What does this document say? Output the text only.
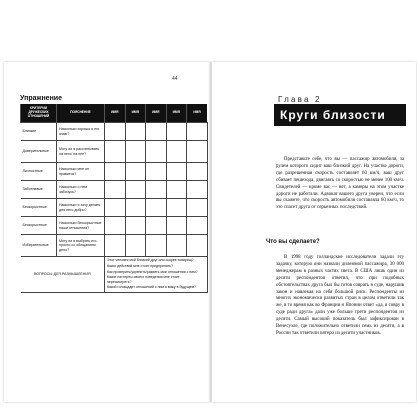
44
Упражнение
КРИТЕРИИ ДРУЖЕСКИХ ОТНОШЕНИЙ	ПОЯСНЕНИЕ	ИМЯ	ИМЯ	ИМЯ	ИМЯ	ИМЯ
Близкие	Насколько хорошо я его знаю?					
Доверительные	Могу ли я рассчитывать на него/ на нее?					
Личностные	Насколько мне он нравится?					
Заботливые	Насколько о нем забочусь?					
Бескорыстные	Насколько я хочу делать для него добро?					
Бескорыстные	Насколько бескорыстные наши отношения?					
Избирательные	Могу ли я выбрать его-просто со обещанием дело?					
ВОПРОСЫ ДЛЯ РАЗМЫШЛЕНИЯ		Этот человек мой близкий друг или скорее товарищ?
Каких действий мне стоит предпринять?
Как проверить/укрепить/развить мои отношения с ним?
Какие паттерны своего поведения мне стоит пересмотреть?
Какой голощадит отношений с ним я вижу в будущем?				
Глава 2
Круги близости

Представьте себе, что вы — пассажир автомобиля, за рулем которого сидит ваш близкий друг. На участке дороги, где разрешенная скорость составляет 60 км/ч, ваш друг сбивает пешехода, двигаясь со скоростью не менее 100 км/ч. Свидетелей — кроме вас — нет, а камеры на этом участке дороги не работали. Адвокат вашего друга уверен, что если вы скажете, что скорость автомобиля составляла 60 км/ч, то это спасет друга от серьезных последствий.

Что вы сделаете?

В 1998 году голландские исследователи задали эту задачку, которую они назвали дилеммой пассажира, 30 000 менеджерам в разных частях света. В США лишь один из десяти респондентов ответил, что при подобных обстоятельствах друга был бы готов соврать в суде, нарушив закон и навлекая на себя большой риск. Респонденты из многих экономически развитых стран в целом ответили так же, в то время как во Франции и Японии ответ «да, я совру в суде ради друга» дали уже больше трети респондентов из десяти. Самый высокий показатель был зафиксирован в Венесуэле, где положительно ответили семь из десяти, а в России так ответили пятеро из десяти участников.
